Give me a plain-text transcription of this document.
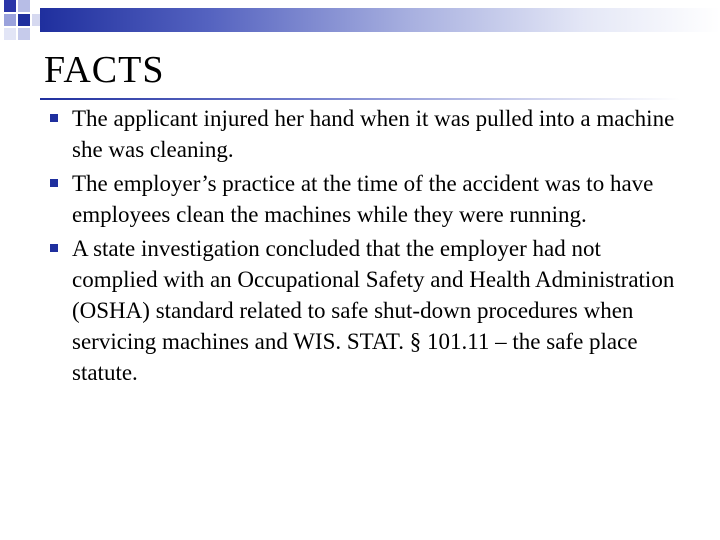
FACTS
The applicant injured her hand when it was pulled into a machine she was cleaning.
The employer’s practice at the time of the accident was to have employees clean the machines while they were running.
A state investigation concluded that the employer had not complied with an Occupational Safety and Health Administration (OSHA) standard related to safe shut-down procedures when servicing machines and WIS. STAT. § 101.11 – the safe place statute.
